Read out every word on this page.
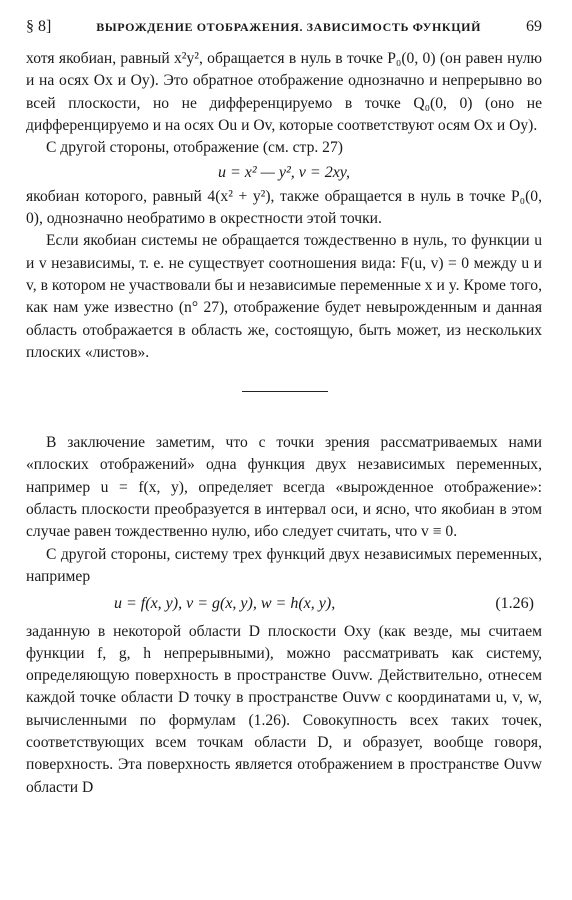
§ 8]	ВЫРОЖДЕНИЕ ОТОБРАЖЕНИЯ. ЗАВИСИМОСТЬ ФУНКЦИЙ	69

хотя якобиан, равный x²y², обращается в нуль в точке P₀(0, 0) (он равен нулю и на осях Ox и Oy). Это обратное отображение однозначно и непрерывно во всей плоскости, но не дифференцируемо в точке Q₀(0, 0) (оно не дифференцируемо и на осях Ou и Ov, которые соответствуют осям Ox и Oy).

С другой стороны, отображение (см. стр. 27)

u = x² — y², v = 2xy,

якобиан которого, равный 4(x² + y²), также обращается в нуль в точке P₀(0, 0), однозначно необратимо в окрестности этой точки.

Если якобиан системы не обращается тождественно в нуль, то функции u и v независимы, т. е. не существует соотношения вида: F(u, v) = 0 между u и v, в котором не участвовали бы и независимые переменные x и y. Кроме того, как нам уже известно (n° 27), отображение будет невырожденным и данная область отображается в область же, состоящую, быть может, из нескольких плоских «листов».

В заключение заметим, что с точки зрения рассматриваемых нами «плоских отображений» одна функция двух независимых переменных, например u = f(x, y), определяет всегда «вырожденное отображение»: область плоскости преобразуется в интервал оси, и ясно, что якобиан в этом случае равен тождественно нулю, ибо следует считать, что v ≡ 0.

С другой стороны, систему трех функций двух независимых переменных, например

u = f(x, y), v = g(x, y), w = h(x, y),	(1.26)

заданную в некоторой области D плоскости Oxy (как везде, мы считаем функции f, g, h непрерывными), можно рассматривать как систему, определяющую поверхность в пространстве Ouvw. Действительно, отнесем каждой точке области D точку в пространстве Ouvw с координатами u, v, w, вычисленными по формулам (1.26). Совокупность всех таких точек, соответствующих всем точкам области D, и образует, вообще говоря, поверхность. Эта поверхность является отображением в пространстве Ouvw области D
